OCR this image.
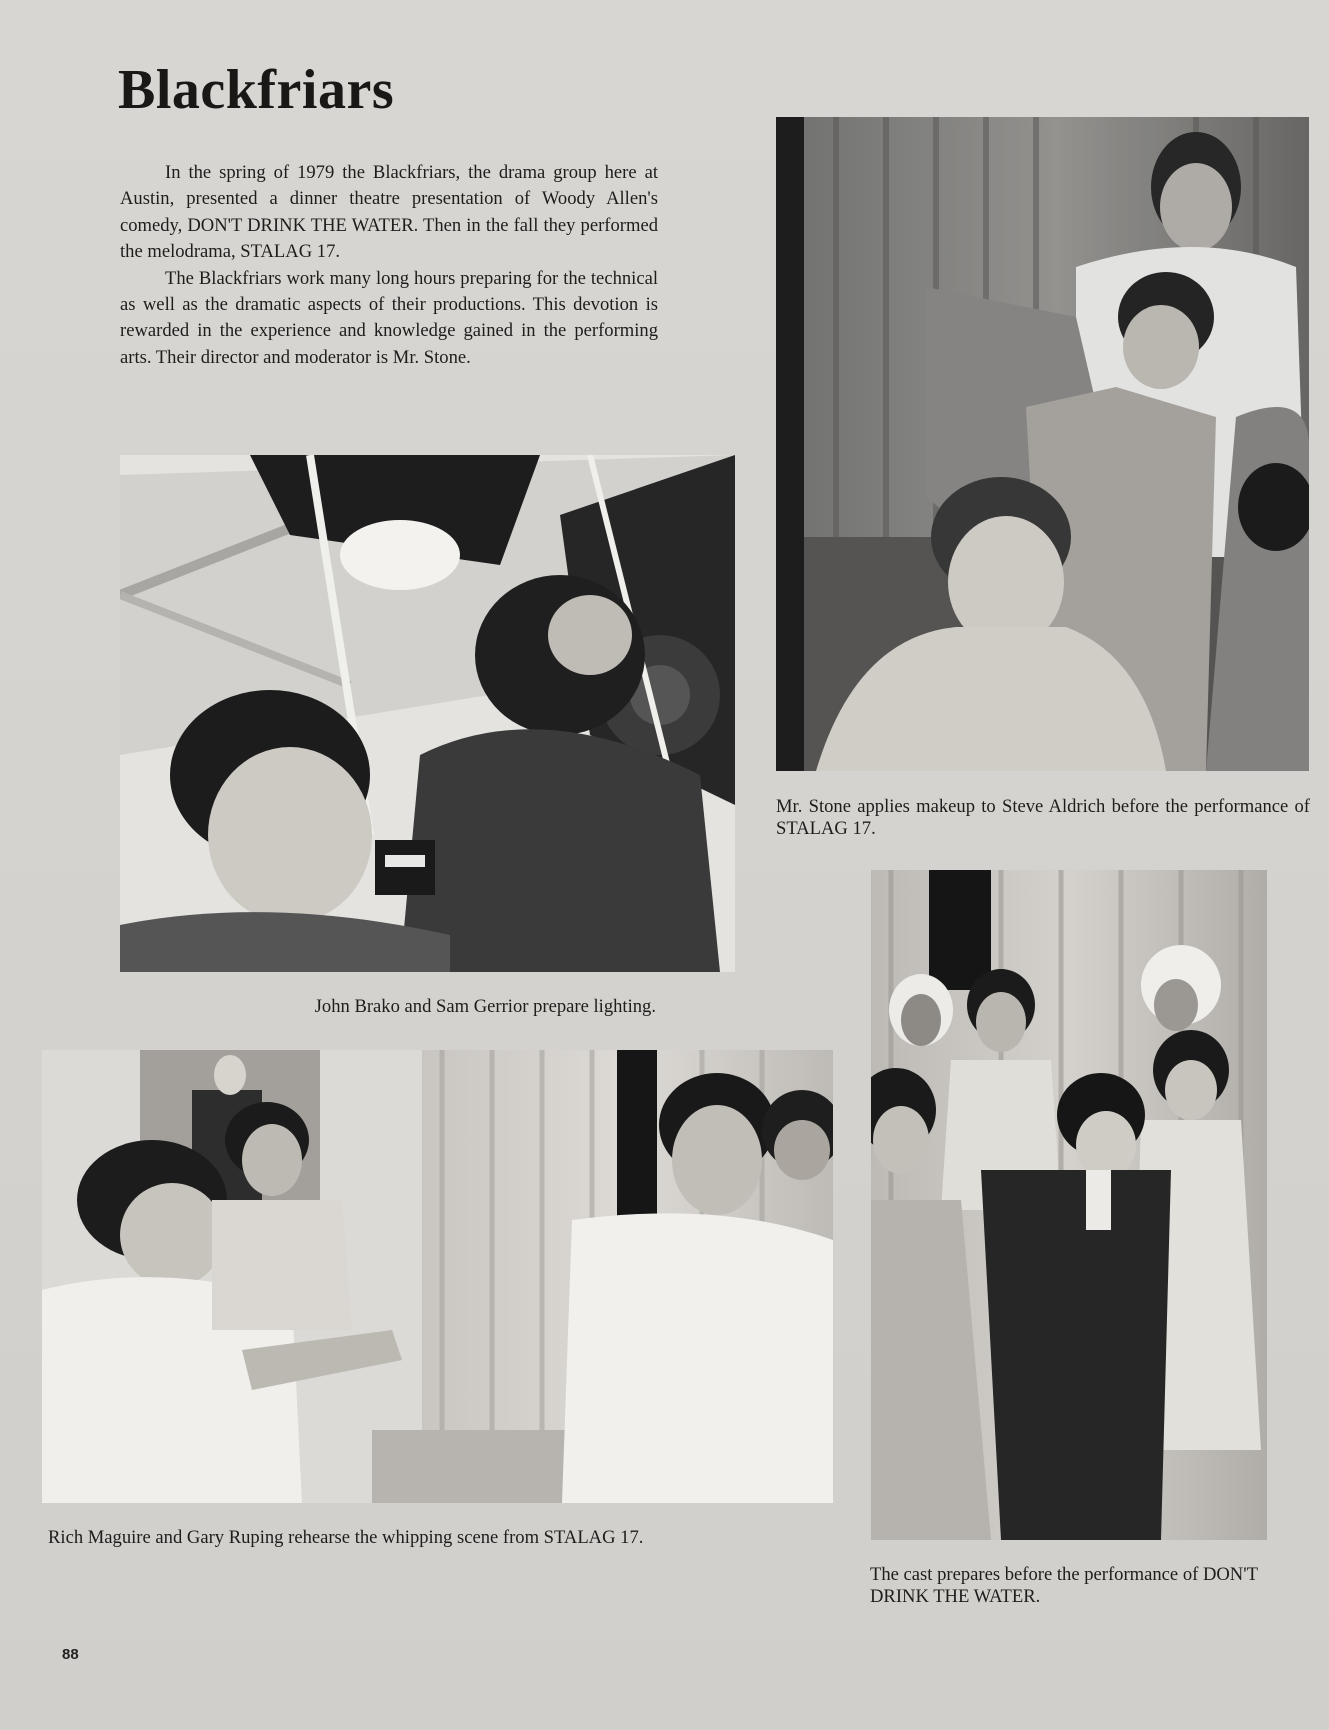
Blackfriars

In the spring of 1979 the Blackfriars, the drama group here at Austin, presented a dinner theatre presentation of Woody Allen's comedy, DON'T DRINK THE WATER. Then in the fall they performed the melodrama, STALAG 17.

The Blackfriars work many long hours preparing for the technical as well as the dramatic aspects of their productions. This devotion is rewarded in the experience and knowledge gained in the performing arts. Their director and moderator is Mr. Stone.

Mr. Stone applies makeup to Steve Aldrich before the performance of STALAG 17.

John Brako and Sam Gerrior prepare lighting.

The cast prepares before the performance of DON'T DRINK THE WATER.

Rich Maguire and Gary Ruping rehearse the whipping scene from STALAG 17.

88
